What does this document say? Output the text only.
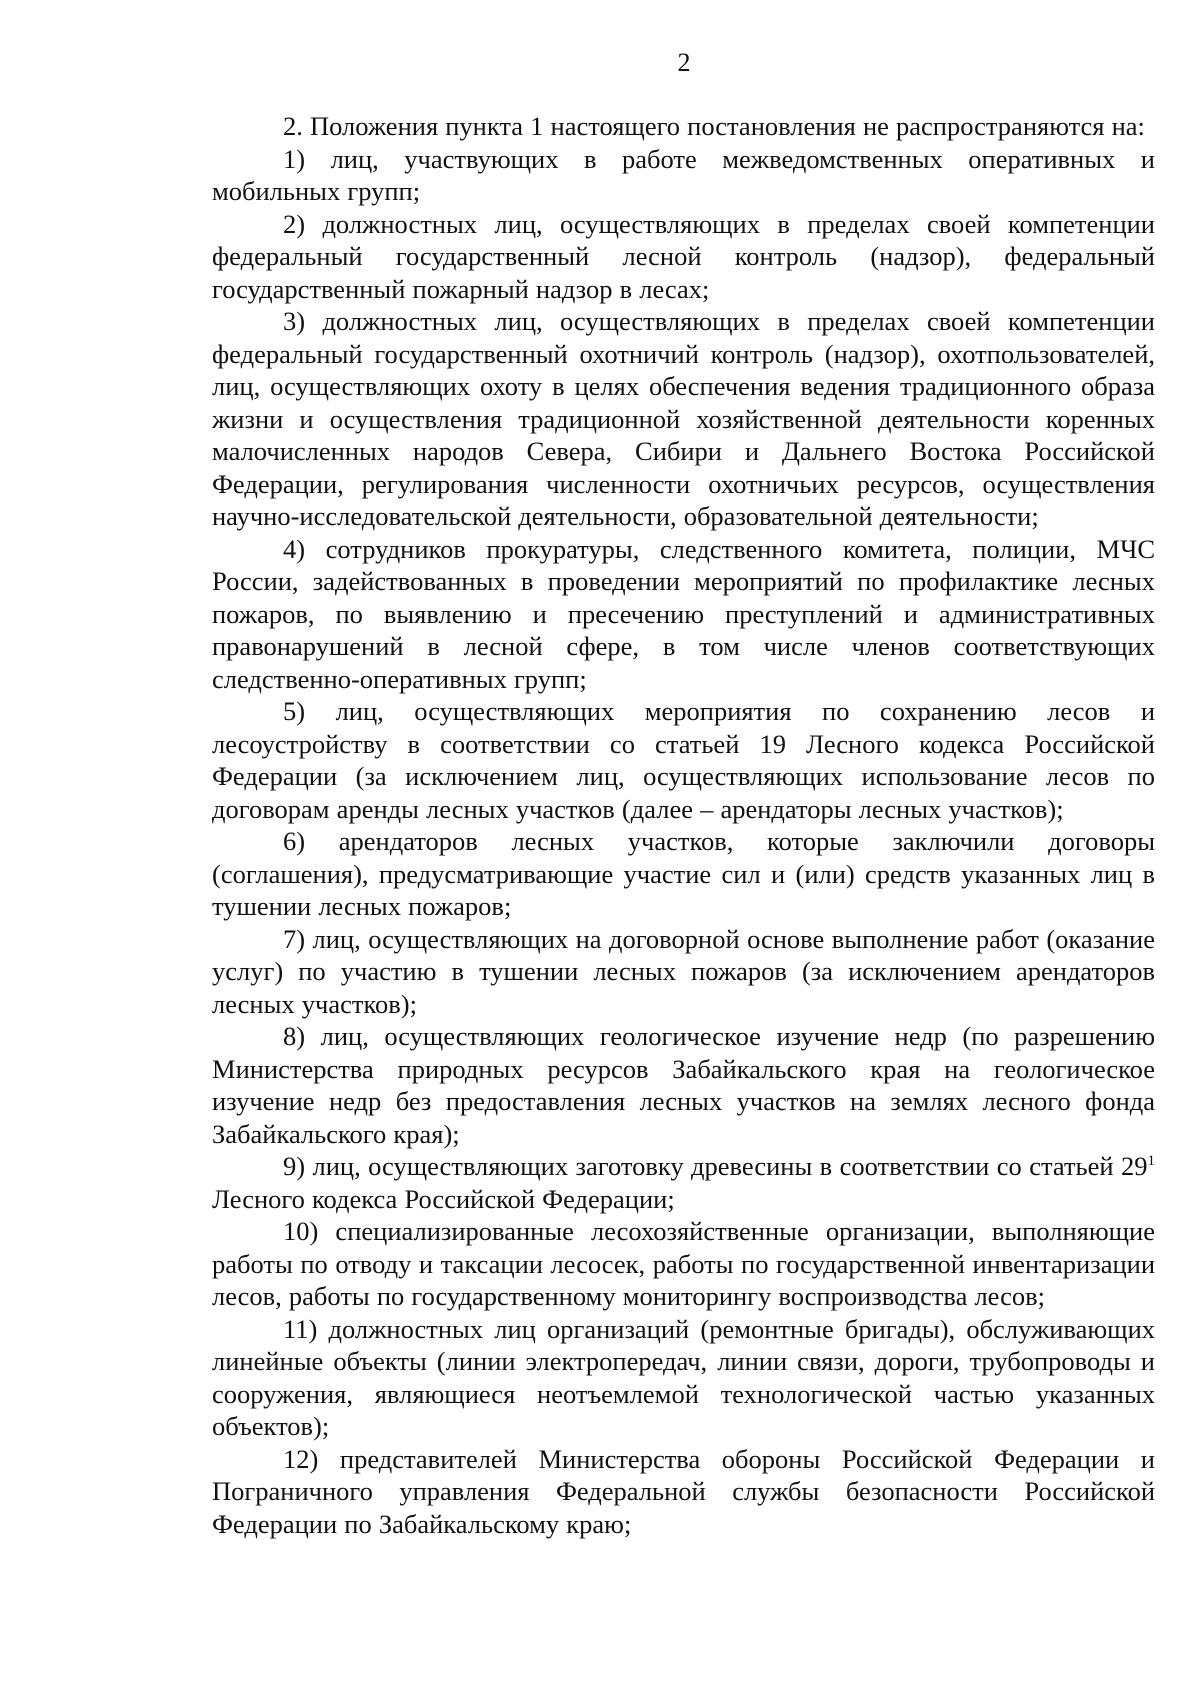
2

2. Положения пункта 1 настоящего постановления не распространяются на:

1) лиц, участвующих в работе межведомственных оперативных и мобильных групп;

2) должностных лиц, осуществляющих в пределах своей компетенции федеральный государственный лесной контроль (надзор), федеральный государственный пожарный надзор в лесах;

3) должностных лиц, осуществляющих в пределах своей компетенции федеральный государственный охотничий контроль (надзор), охотпользователей, лиц, осуществляющих охоту в целях обеспечения ведения традиционного образа жизни и осуществления традиционной хозяйственной деятельности коренных малочисленных народов Севера, Сибири и Дальнего Востока Российской Федерации, регулирования численности охотничьих ресурсов, осуществления научно-исследовательской деятельности, образовательной деятельности;

4) сотрудников прокуратуры, следственного комитета, полиции, МЧС России, задействованных в проведении мероприятий по профилактике лесных пожаров, по выявлению и пресечению преступлений и административных правонарушений в лесной сфере, в том числе членов соответствующих следственно-оперативных групп;

5) лиц, осуществляющих мероприятия по сохранению лесов и лесоустройству в соответствии со статьей 19 Лесного кодекса Российской Федерации (за исключением лиц, осуществляющих использование лесов по договорам аренды лесных участков (далее – арендаторы лесных участков);

6) арендаторов лесных участков, которые заключили договоры (соглашения), предусматривающие участие сил и (или) средств указанных лиц в тушении лесных пожаров;

7) лиц, осуществляющих на договорной основе выполнение работ (оказание услуг) по участию в тушении лесных пожаров (за исключением арендаторов лесных участков);

8) лиц, осуществляющих геологическое изучение недр (по разрешению Министерства природных ресурсов Забайкальского края на геологическое изучение недр без предоставления лесных участков на землях лесного фонда Забайкальского края);

9) лиц, осуществляющих заготовку древесины в соответствии со статьей $29^1$ Лесного кодекса Российской Федерации;

10) специализированные лесохозяйственные организации, выполняющие работы по отводу и таксации лесосек, работы по государственной инвентаризации лесов, работы по государственному мониторингу воспроизводства лесов;

11) должностных лиц организаций (ремонтные бригады), обслуживающих линейные объекты (линии электропередач, линии связи, дороги, трубопроводы и сооружения, являющиеся неотъемлемой технологической частью указанных объектов);

12) представителей Министерства обороны Российской Федерации и Пограничного управления Федеральной службы безопасности Российской Федерации по Забайкальскому краю;
